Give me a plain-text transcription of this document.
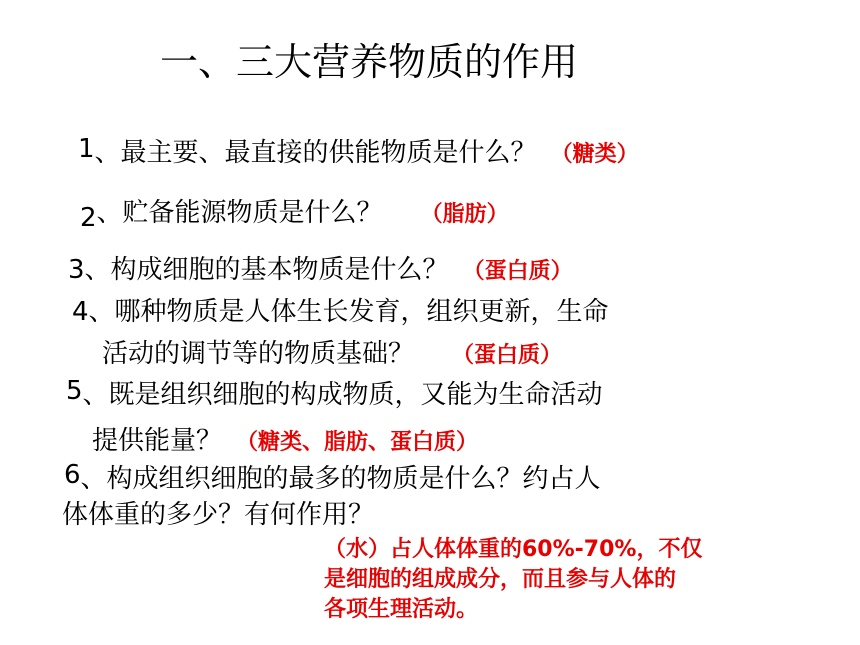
一、三大营养物质的作用
1、最主要、最直接的供能物质是什么？ （糖类）
2、贮备能源物质是什么？ （脂肪）
3、构成细胞的基本物质是什么？ （蛋白质）
4、哪种物质是人体生长发育，组织更新，生命
活动的调节等的物质基础？ （蛋白质）
5、既是组织细胞的构成物质，又能为生命活动
提供能量？ （糖类、脂肪、蛋白质）
6、构成组织细胞的最多的物质是什么？约占人
体体重的多少？有何作用？
（水）占人体体重的60%-70%，不仅
是细胞的组成成分，而且参与人体的
各项生理活动。
